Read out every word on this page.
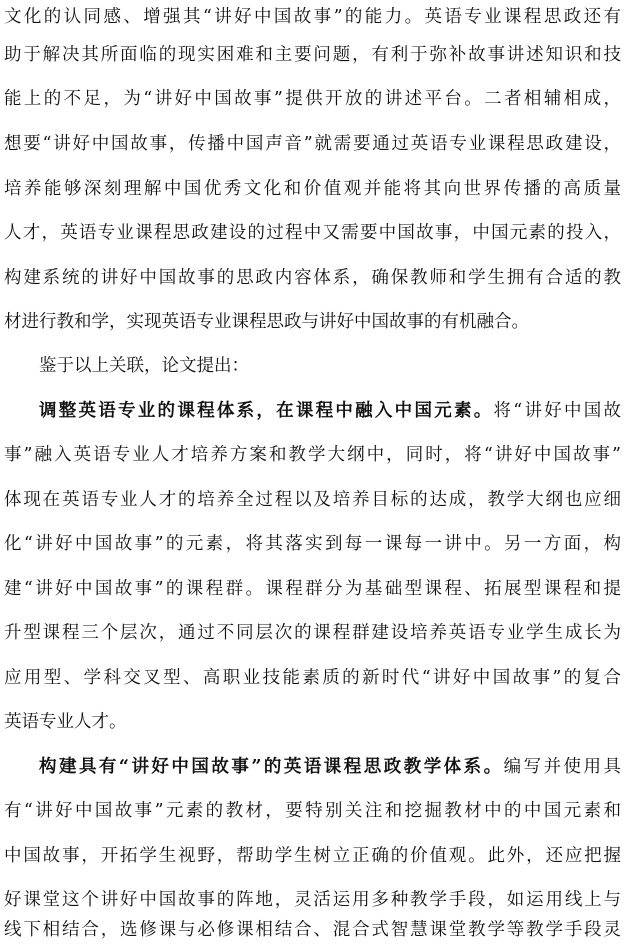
文化的认同感、增强其“讲好中国故事”的能力。英语专业课程思政还有
助于解决其所面临的现实困难和主要问题，有利于弥补故事讲述知识和技
能上的不足，为“讲好中国故事”提供开放的讲述平台。二者相辅相成，
想要“讲好中国故事，传播中国声音”就需要通过英语专业课程思政建设，
培养能够深刻理解中国优秀文化和价值观并能将其向世界传播的高质量
人才，英语专业课程思政建设的过程中又需要中国故事，中国元素的投入，
构建系统的讲好中国故事的思政内容体系，确保教师和学生拥有合适的教
材进行教和学，实现英语专业课程思政与讲好中国故事的有机融合。
鉴于以上关联，论文提出：
调整英语专业的课程体系，在课程中融入中国元素。将“讲好中国故
事”融入英语专业人才培养方案和教学大纲中，同时，将“讲好中国故事”
体现在英语专业人才的培养全过程以及培养目标的达成，教学大纲也应细
化“讲好中国故事”的元素，将其落实到每一课每一讲中。另一方面，构
建“讲好中国故事”的课程群。课程群分为基础型课程、拓展型课程和提
升型课程三个层次，通过不同层次的课程群建设培养英语专业学生成长为
应用型、学科交叉型、高职业技能素质的新时代“讲好中国故事”的复合
英语专业人才。
构建具有“讲好中国故事”的英语课程思政教学体系。编写并使用具
有“讲好中国故事”元素的教材，要特别关注和挖掘教材中的中国元素和
中国故事，开拓学生视野，帮助学生树立正确的价值观。此外，还应把握
好课堂这个讲好中国故事的阵地，灵活运用多种教学手段，如运用线上与
线下相结合，选修课与必修课相结合、混合式智慧课堂教学等教学手段灵
